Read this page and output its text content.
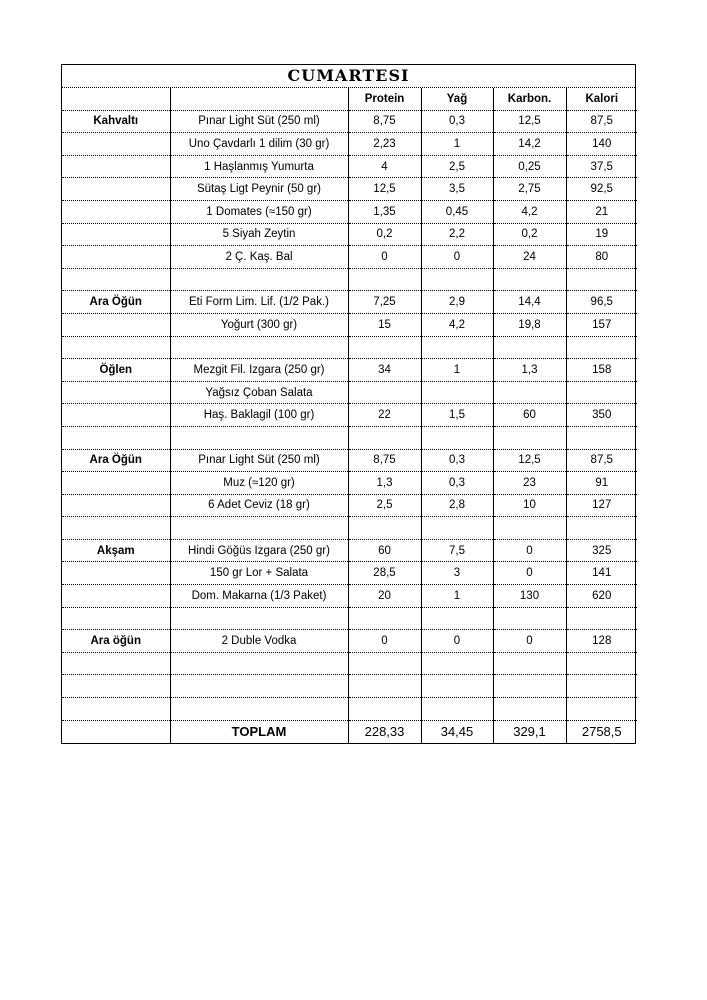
CUMARTESI
		Protein	Yağ	Karbon.	Kalori
Kahvaltı	Pınar Light Süt (250 ml)	8,75	0,3	12,5	87,5
	Uno Çavdarlı 1 dilim (30 gr)	2,23	1	14,2	140
	1 Haşlanmış Yumurta	4	2,5	0,25	37,5
	Sütaş Ligt Peynir (50 gr)	12,5	3,5	2,75	92,5
	1 Domates (≈150 gr)	1,35	0,45	4,2	21
	5 Siyah Zeytin	0,2	2,2	0,2	19
	2 Ç. Kaş. Bal	0	0	24	80

Ara Öğün	Eti Form Lim. Lif. (1/2 Pak.)	7,25	2,9	14,4	96,5
	Yoğurt (300 gr)	15	4,2	19,8	157

Öğlen	Mezgit Fil. Izgara (250 gr)	34	1	1,3	158
	Yağsız Çoban Salata				
	Haş. Baklagil (100 gr)	22	1,5	60	350

Ara Öğün	Pınar Light Süt (250 ml)	8,75	0,3	12,5	87,5
	Muz (≈120 gr)	1,3	0,3	23	91
	6 Adet Ceviz (18 gr)	2,5	2,8	10	127

Akşam	Hindi Göğüs Izgara (250 gr)	60	7,5	0	325
	150 gr Lor + Salata	28,5	3	0	141
	Dom. Makarna (1/3 Paket)	20	1	130	620

Ara öğün	2 Duble Vodka	0	0	0	128

	TOPLAM	228,33	34,45	329,1	2758,5
